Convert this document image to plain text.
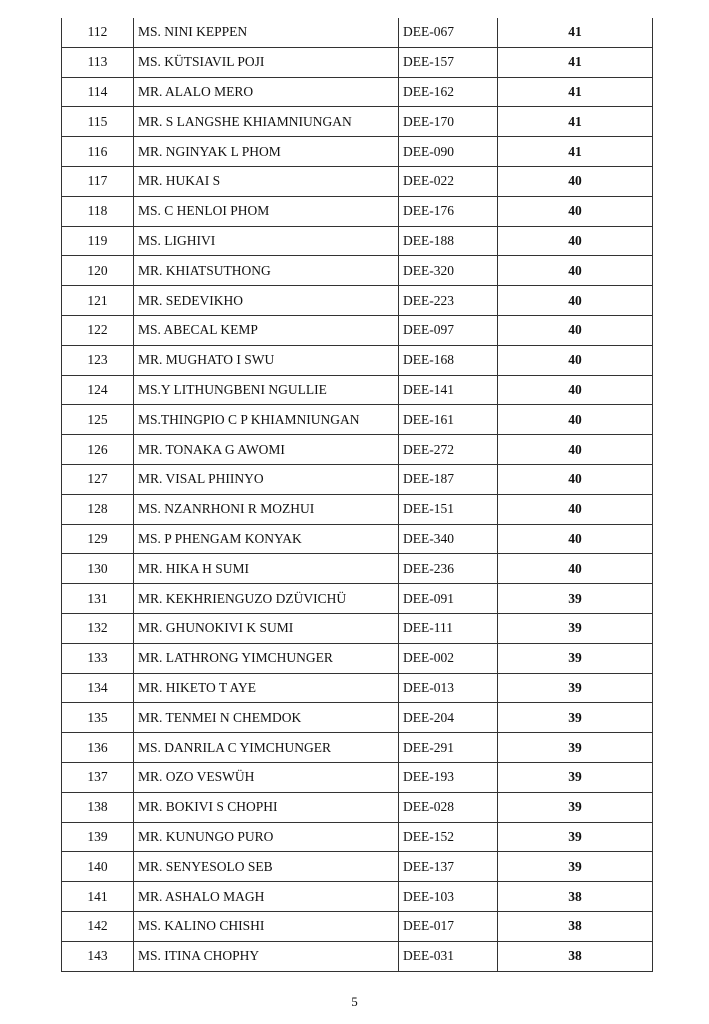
112	MS. NINI KEPPEN	DEE-067	41
113	MS. KÜTSIAVIL POJI	DEE-157	41
114	MR. ALALO MERO	DEE-162	41
115	MR. S LANGSHE KHIAMNIUNGAN	DEE-170	41
116	MR. NGINYAK L PHOM	DEE-090	41
117	MR. HUKAI S	DEE-022	40
118	MS. C HENLOI PHOM	DEE-176	40
119	MS. LIGHIVI	DEE-188	40
120	MR. KHIATSUTHONG	DEE-320	40
121	MR. SEDEVIKHO	DEE-223	40
122	MS. ABECAL KEMP	DEE-097	40
123	MR. MUGHATO I SWU	DEE-168	40
124	MS.Y LITHUNGBENI NGULLIE	DEE-141	40
125	MS.THINGPIO C P KHIAMNIUNGAN	DEE-161	40
126	MR. TONAKA G AWOMI	DEE-272	40
127	MR. VISAL PHIINYO	DEE-187	40
128	MS. NZANRHONI R MOZHUI	DEE-151	40
129	MS. P PHENGAM KONYAK	DEE-340	40
130	MR. HIKA H SUMI	DEE-236	40
131	MR. KEKHRIENGUZO DZÜVICHÜ	DEE-091	39
132	MR. GHUNOKIVI K SUMI	DEE-111	39
133	MR. LATHRONG YIMCHUNGER	DEE-002	39
134	MR. HIKETO T AYE	DEE-013	39
135	MR. TENMEI N CHEMDOK	DEE-204	39
136	MS. DANRILA C YIMCHUNGER	DEE-291	39
137	MR. OZO VESWÜH	DEE-193	39
138	MR. BOKIVI S CHOPHI	DEE-028	39
139	MR. KUNUNGO PURO	DEE-152	39
140	MR. SENYESOLO SEB	DEE-137	39
141	MR. ASHALO MAGH	DEE-103	38
142	MS. KALINO CHISHI	DEE-017	38
143	MS. ITINA CHOPHY	DEE-031	38
5
